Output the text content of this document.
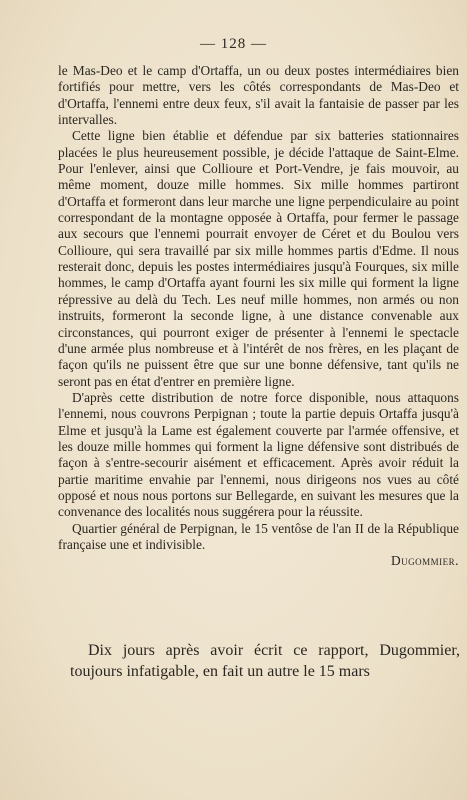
— 128 —

le Mas-Deo et le camp d'Ortaffa, un ou deux postes intermédiaires bien fortifiés pour mettre, vers les côtés correspondants de Mas-Deo et d'Ortaffa, l'ennemi entre deux feux, s'il avait la fantaisie de passer par les intervalles.

Cette ligne bien établie et défendue par six batteries stationnaires placées le plus heureusement possible, je décide l'attaque de Saint-Elme. Pour l'enlever, ainsi que Collioure et Port-Vendre, je fais mouvoir, au même moment, douze mille hommes. Six mille hommes partiront d'Ortaffa et formeront dans leur marche une ligne perpendiculaire au point correspondant de la montagne opposée à Ortaffa, pour fermer le passage aux secours que l'ennemi pourrait envoyer de Céret et du Boulou vers Collioure, qui sera travaillé par six mille hommes partis d'Edme. Il nous resterait donc, depuis les postes intermédiaires jusqu'à Fourques, six mille hommes, le camp d'Ortaffa ayant fourni les six mille qui forment la ligne répressive au delà du Tech. Les neuf mille hommes, non armés ou non instruits, formeront la seconde ligne, à une distance convenable aux circonstances, qui pourront exiger de présenter à l'ennemi le spectacle d'une armée plus nombreuse et à l'intérêt de nos frères, en les plaçant de façon qu'ils ne puissent être que sur une bonne défensive, tant qu'ils ne seront pas en état d'entrer en première ligne.

D'après cette distribution de notre force disponible, nous attaquons l'ennemi, nous couvrons Perpignan ; toute la partie depuis Ortaffa jusqu'à Elme et jusqu'à la Lame est également couverte par l'armée offensive, et les douze mille hommes qui forment la ligne défensive sont distribués de façon à s'entre-secourir aisément et efficacement. Après avoir réduit la partie maritime envahie par l'ennemi, nous dirigeons nos vues au côté opposé et nous nous portons sur Bellegarde, en suivant les mesures que la convenance des localités nous suggérera pour la réussite.

Quartier général de Perpignan, le 15 ventôse de l'an II de la République française une et indivisible.

Dugommier.

Dix jours après avoir écrit ce rapport, Dugommier, toujours infatigable, en fait un autre le 15 mars
